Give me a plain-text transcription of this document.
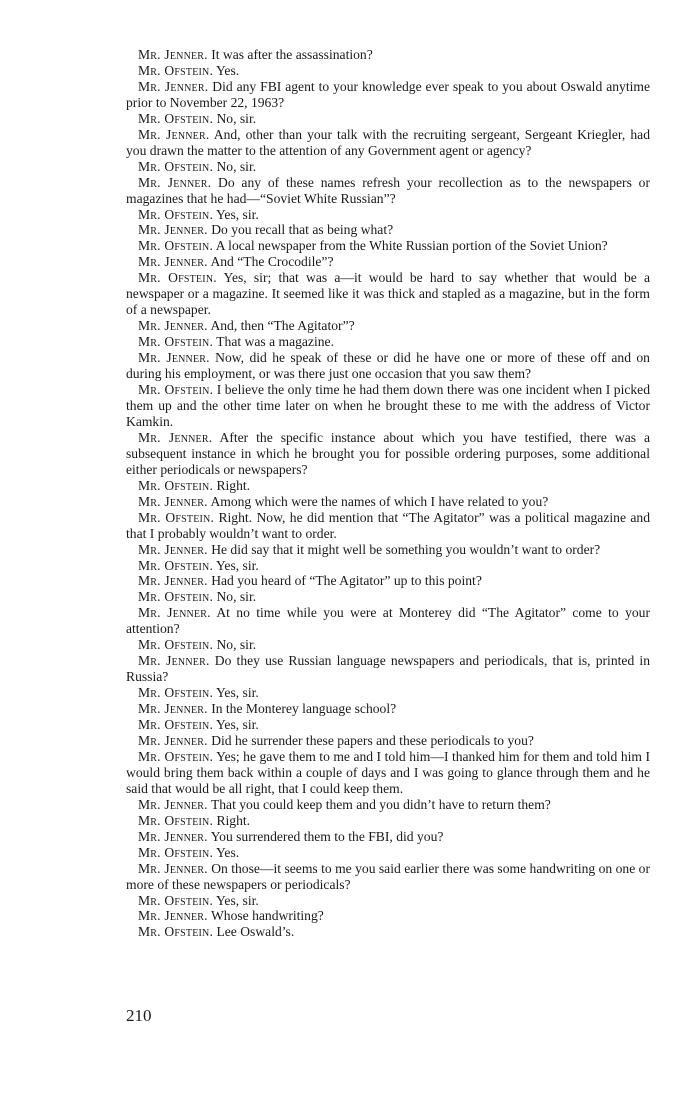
Mr. Jenner. It was after the assassination?

Mr. Ofstein. Yes.

Mr. Jenner. Did any FBI agent to your knowledge ever speak to you about Oswald anytime prior to November 22, 1963?

Mr. Ofstein. No, sir.

Mr. Jenner. And, other than your talk with the recruiting sergeant, Sergeant Kriegler, had you drawn the matter to the attention of any Government agent or agency?

Mr. Ofstein. No, sir.

Mr. Jenner. Do any of these names refresh your recollection as to the newspapers or magazines that he had—“Soviet White Russian”?

Mr. Ofstein. Yes, sir.

Mr. Jenner. Do you recall that as being what?

Mr. Ofstein. A local newspaper from the White Russian portion of the Soviet Union?

Mr. Jenner. And “The Crocodile”?

Mr. Ofstein. Yes, sir; that was a—it would be hard to say whether that would be a newspaper or a magazine. It seemed like it was thick and stapled as a magazine, but in the form of a newspaper.

Mr. Jenner. And, then “The Agitator”?

Mr. Ofstein. That was a magazine.

Mr. Jenner. Now, did he speak of these or did he have one or more of these off and on during his employment, or was there just one occasion that you saw them?

Mr. Ofstein. I believe the only time he had them down there was one incident when I picked them up and the other time later on when he brought these to me with the address of Victor Kamkin.

Mr. Jenner. After the specific instance about which you have testified, there was a subsequent instance in which he brought you for possible ordering purposes, some additional either periodicals or newspapers?

Mr. Ofstein. Right.

Mr. Jenner. Among which were the names of which I have related to you?

Mr. Ofstein. Right. Now, he did mention that “The Agitator” was a political magazine and that I probably wouldn’t want to order.

Mr. Jenner. He did say that it might well be something you wouldn’t want to order?

Mr. Ofstein. Yes, sir.

Mr. Jenner. Had you heard of “The Agitator” up to this point?

Mr. Ofstein. No, sir.

Mr. Jenner. At no time while you were at Monterey did “The Agitator” come to your attention?

Mr. Ofstein. No, sir.

Mr. Jenner. Do they use Russian language newspapers and periodicals, that is, printed in Russia?

Mr. Ofstein. Yes, sir.

Mr. Jenner. In the Monterey language school?

Mr. Ofstein. Yes, sir.

Mr. Jenner. Did he surrender these papers and these periodicals to you?

Mr. Ofstein. Yes; he gave them to me and I told him—I thanked him for them and told him I would bring them back within a couple of days and I was going to glance through them and he said that would be all right, that I could keep them.

Mr. Jenner. That you could keep them and you didn’t have to return them?

Mr. Ofstein. Right.

Mr. Jenner. You surrendered them to the FBI, did you?

Mr. Ofstein. Yes.

Mr. Jenner. On those—it seems to me you said earlier there was some handwriting on one or more of these newspapers or periodicals?

Mr. Ofstein. Yes, sir.

Mr. Jenner. Whose handwriting?

Mr. Ofstein. Lee Oswald’s.

210
